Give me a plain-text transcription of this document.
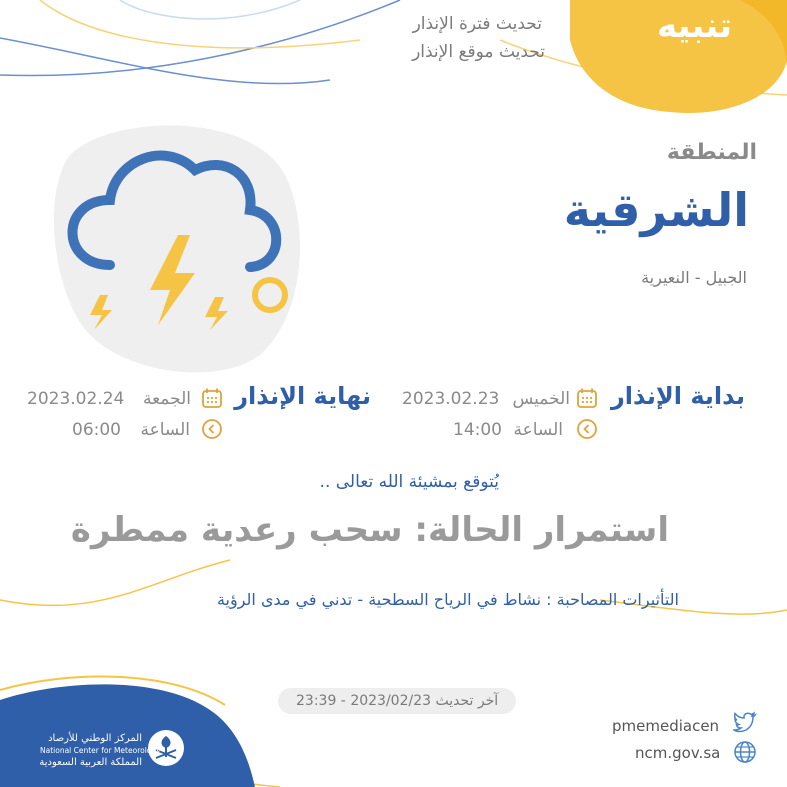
تنبيه
تحديث فترة الإنذار
تحديث موقع الإنذار
المنطقة
الشرقية
الجبيل - النعيرية
بداية الإنذار
الخميس
2023.02.23
الساعة
14:00
نهاية الإنذار
الجمعة
2023.02.24
الساعة
06:00
يُتوقع بمشيئة الله تعالى ..
استمرار الحالة: سحب رعدية ممطرة
التأثيرات المصاحبة : نشاط في الرياح السطحية - تدني في مدى الرؤية
آخر تحديث 2023/02/23 - 23:39
المركز الوطني للأرصاد
National Center for Meteorology
المملكة العربية السعودية
pmemediacen
ncm.gov.sa
